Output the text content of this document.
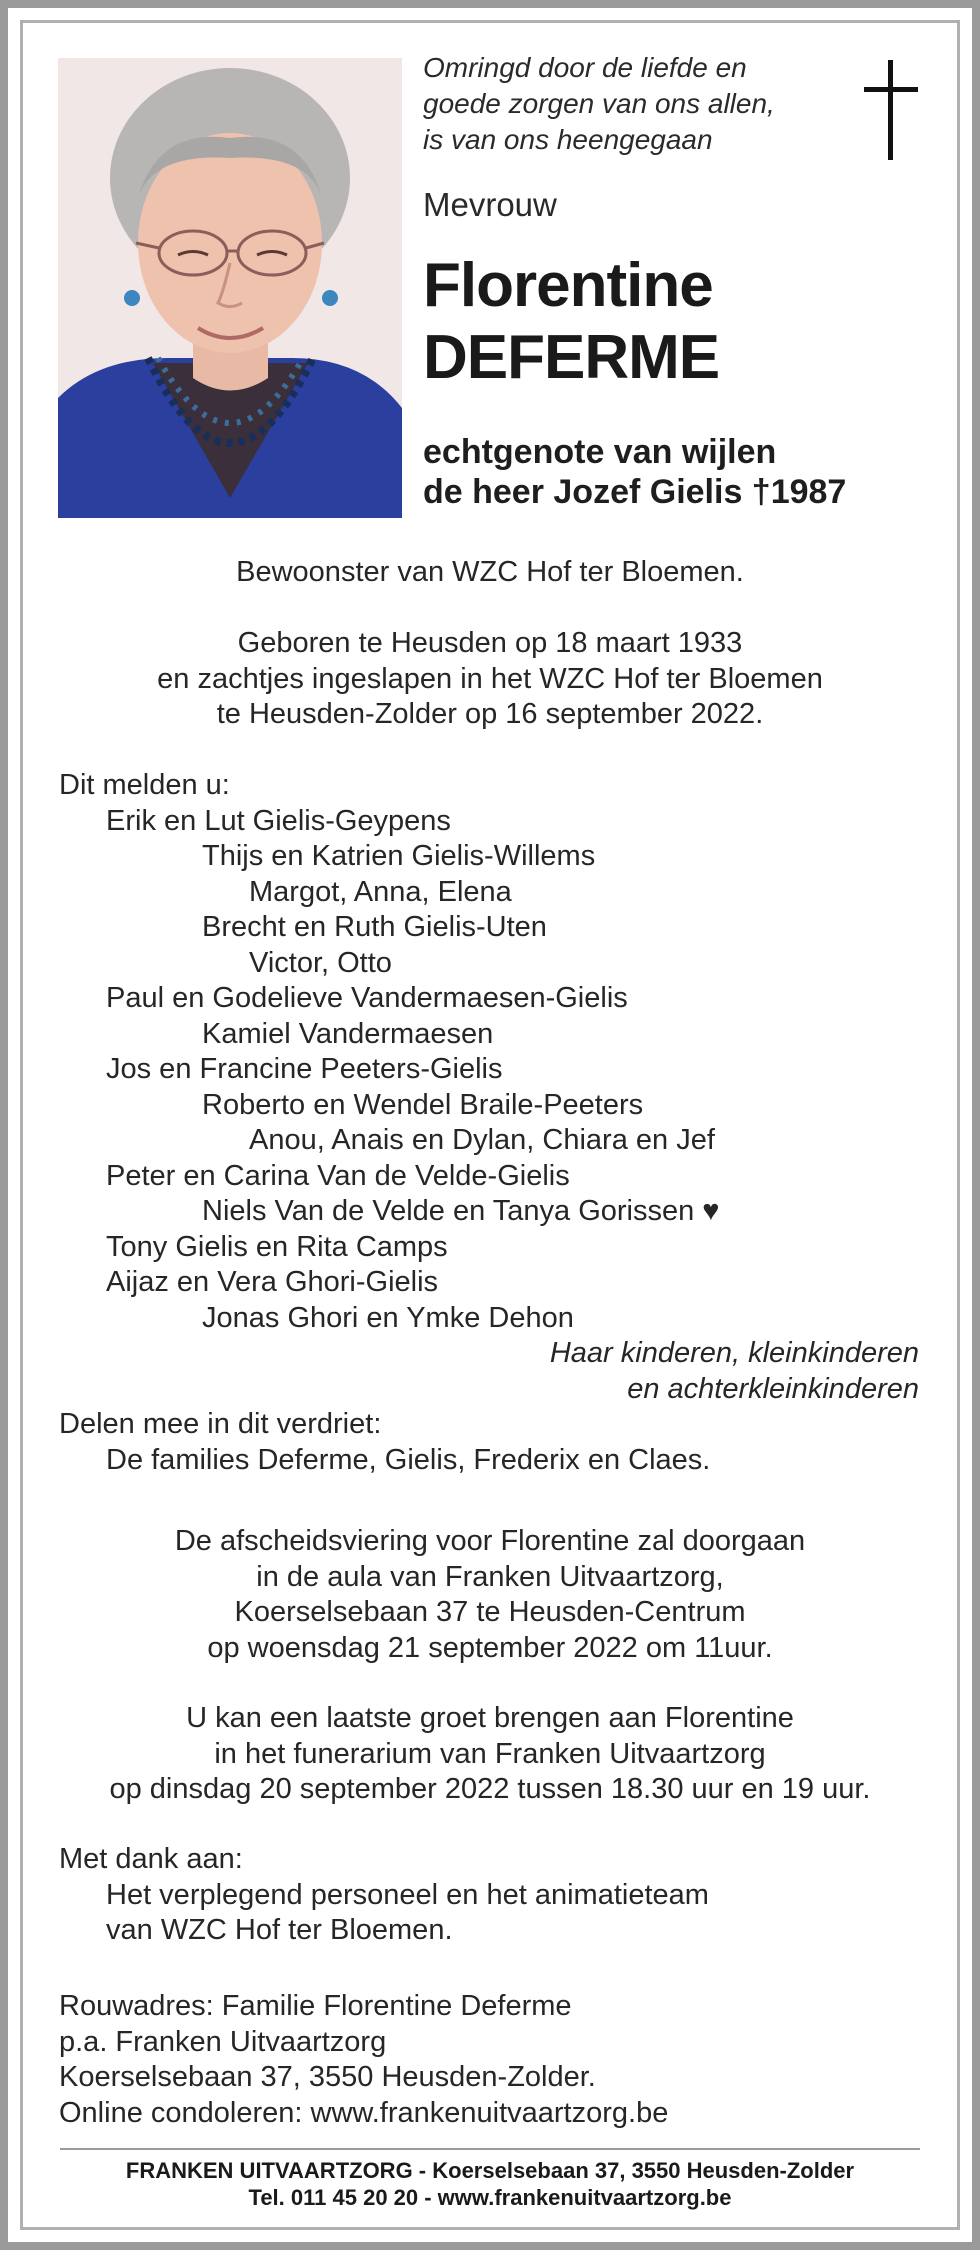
Omringd door de liefde en
goede zorgen van ons allen,
is van ons heengegaan
Mevrouw
Florentine
DEFERME
echtgenote van wijlen
de heer Jozef Gielis †1987
Bewoonster van WZC Hof ter Bloemen.
Geboren te Heusden op 18 maart 1933
en zachtjes ingeslapen in het WZC Hof ter Bloemen
te Heusden-Zolder op 16 september 2022.
Dit melden u:
Erik en Lut Gielis-Geypens
Thijs en Katrien Gielis-Willems
Margot, Anna, Elena
Brecht en Ruth Gielis-Uten
Victor, Otto
Paul en Godelieve Vandermaesen-Gielis
Kamiel Vandermaesen
Jos en Francine Peeters-Gielis
Roberto en Wendel Braile-Peeters
Anou, Anais en Dylan, Chiara en Jef
Peter en Carina Van de Velde-Gielis
Niels Van de Velde en Tanya Gorissen ♥
Tony Gielis en Rita Camps
Aijaz en Vera Ghori-Gielis
Jonas Ghori en Ymke Dehon
Haar kinderen, kleinkinderen
en achterkleinkinderen
Delen mee in dit verdriet:
De families Deferme, Gielis, Frederix en Claes.
De afscheidsviering voor Florentine zal doorgaan
in de aula van Franken Uitvaartzorg,
Koerselsebaan 37 te Heusden-Centrum
op woensdag 21 september 2022 om 11uur.
U kan een laatste groet brengen aan Florentine
in het funerarium van Franken Uitvaartzorg
op dinsdag 20 september 2022 tussen 18.30 uur en 19 uur.
Met dank aan:
Het verplegend personeel en het animatieteam
van WZC Hof ter Bloemen.
Rouwadres: Familie Florentine Deferme
p.a. Franken Uitvaartzorg
Koerselsebaan 37, 3550 Heusden-Zolder.
Online condoleren: www.frankenuitvaartzorg.be
FRANKEN UITVAARTZORG - Koerselsebaan 37, 3550 Heusden-Zolder
Tel. 011 45 20 20 - www.frankenuitvaartzorg.be
